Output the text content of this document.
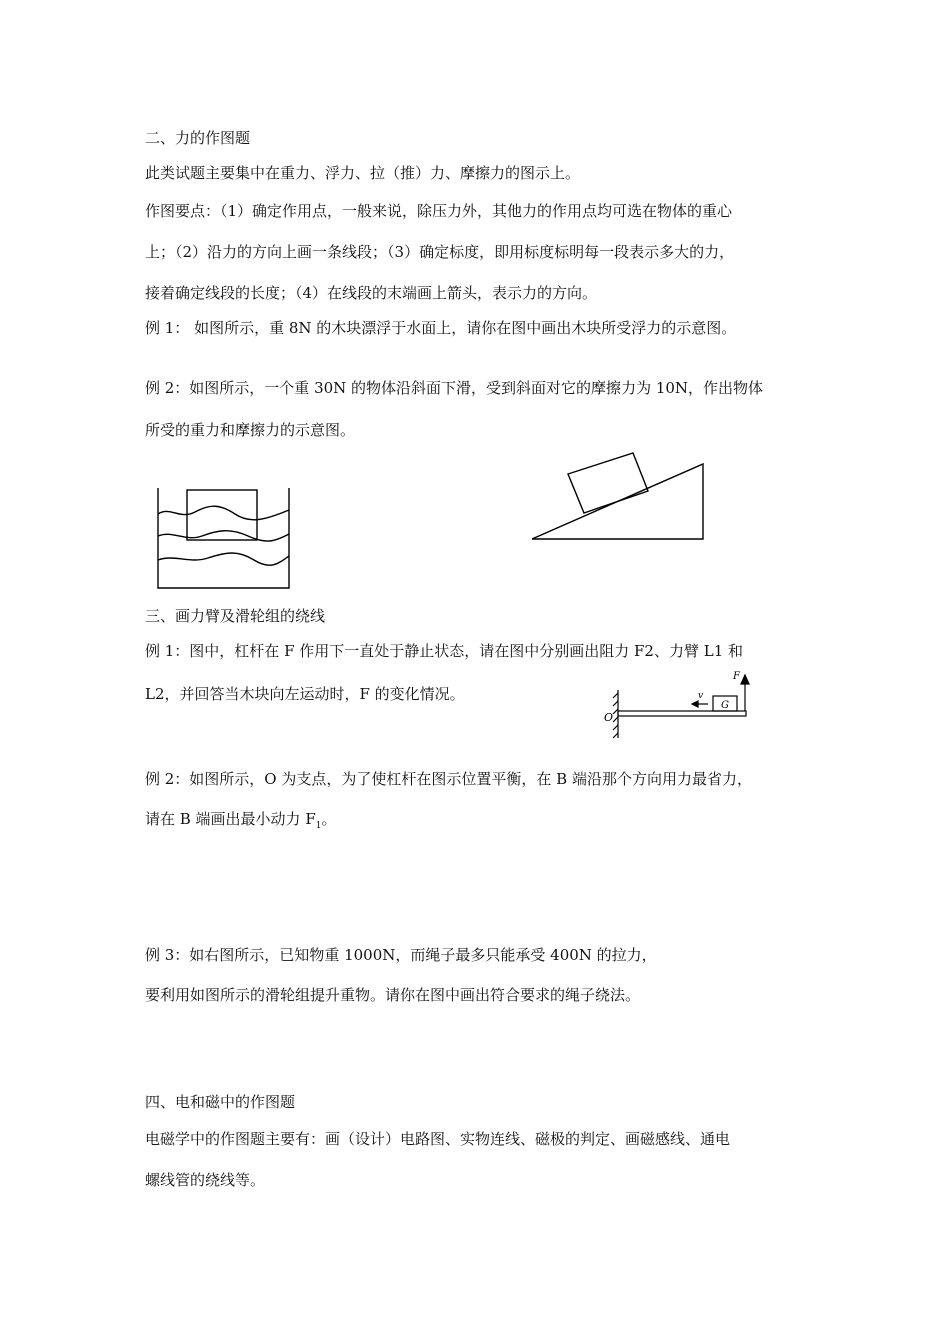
二、力的作图题
此类试题主要集中在重力、浮力、拉（推）力、摩擦力的图示上。
作图要点：（1）确定作用点，一般来说，除压力外，其他力的作用点均可选在物体的重心
上；（2）沿力的方向上画一条线段；（3）确定标度，即用标度标明每一段表示多大的力，
接着确定线段的长度；（4）在线段的末端画上箭头，表示力的方向。
例 1： 如图所示，重 8N 的木块漂浮于水面上，请你在图中画出木块所受浮力的示意图。
例 2：如图所示，一个重 30N 的物体沿斜面下滑，受到斜面对它的摩擦力为 10N，作出物体
所受的重力和摩擦力的示意图。
三、画力臂及滑轮组的绕线
例 1：图中，杠杆在 F 作用下一直处于静止状态，请在图中分别画出阻力 F2、力臂 L1 和
L2，并回答当木块向左运动时，F 的变化情况。
F
v
G
O
例 2：如图所示，O 为支点，为了使杠杆在图示位置平衡，在 B 端沿那个方向用力最省力，
请在 B 端画出最小动力 $F_1$。
例 3：如右图所示，已知物重 1000N，而绳子最多只能承受 400N 的拉力，
要利用如图所示的滑轮组提升重物。请你在图中画出符合要求的绳子绕法。
四、电和磁中的作图题
电磁学中的作图题主要有：画（设计）电路图、实物连线、磁极的判定、画磁感线、通电
螺线管的绕线等。
